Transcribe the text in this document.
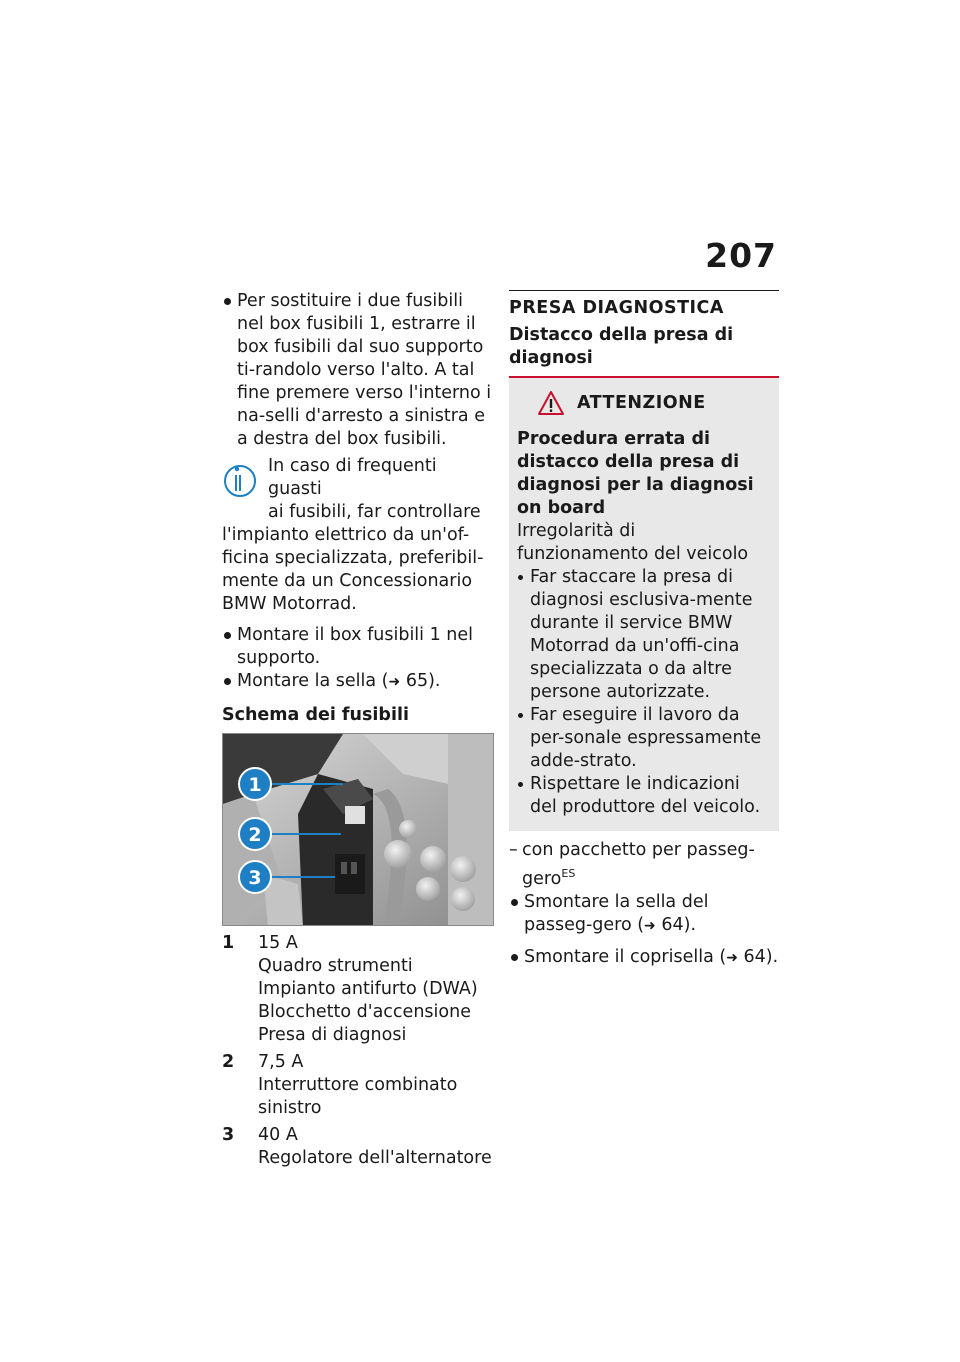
207
Per sostituire i due fusibili nel box fusibili 1, estrarre il box fusibili dal suo supporto ti-randolo verso l'alto. A tal fine premere verso l'interno i na-selli d'arresto a sinistra e a destra del box fusibili.
In caso di frequenti guasti
ai fusibili, far controllare
l'impianto elettrico da un'of-ficina specializzata, preferibil-mente da un Concessionario BMW Motorrad.
Montare il box fusibili 1 nel supporto.
Montare la sella (➜ 65).
Schema dei fusibili
1
2
3
1	15 A
Quadro strumenti
Impianto antifurto (DWA)
Blocchetto d'accensione
Presa di diagnosi
2	7,5 A
Interruttore combinato
sinistro
3	40 A
Regolatore dell'alternatore
PRESA DIAGNOSTICA
Distacco della presa di diagnosi
ATTENZIONE
Procedura errata di distacco della presa di diagnosi per la diagnosi on board
Irregolarità di funzionamento del veicolo
Far staccare la presa di diagnosi esclusiva-mente durante il service BMW Motorrad da un'offi-cina specializzata o da altre persone autorizzate.
Far eseguire il lavoro da per-sonale espressamente adde-strato.
Rispettare le indicazioni del produttore del veicolo.
– con pacchetto per passeg-gero$^{ES}$
Smontare la sella del passeg-gero (➜ 64).
Smontare il coprisella (➜ 64).
